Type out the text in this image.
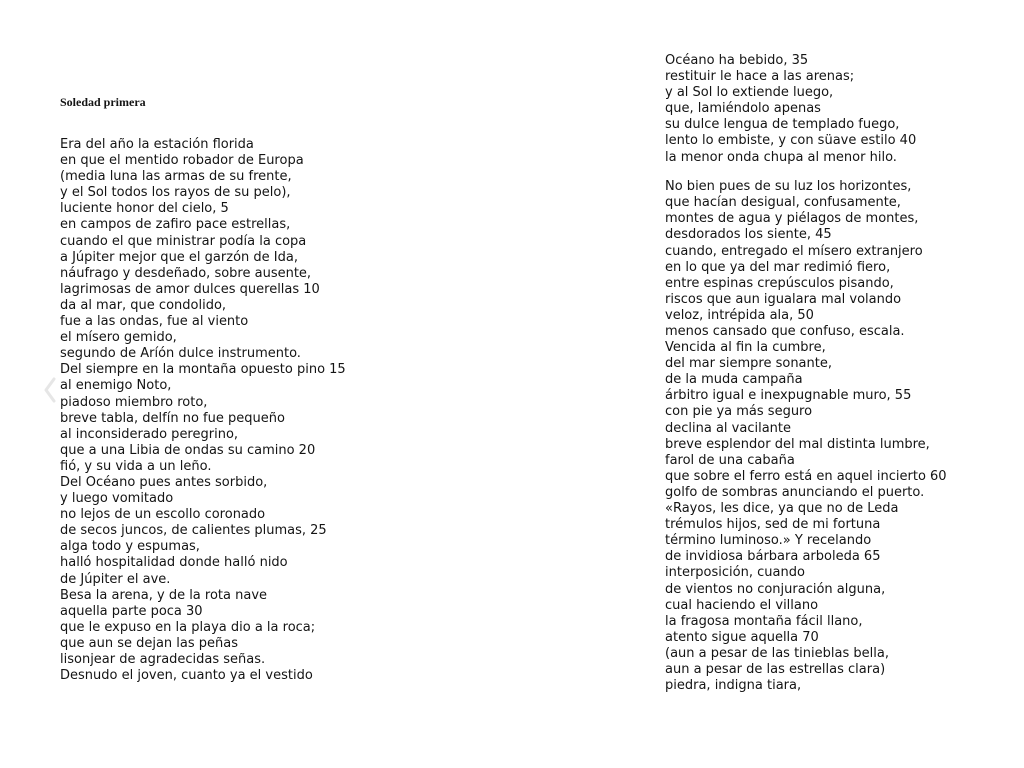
Soledad primera
Era del año la estación florida
en que el mentido robador de Europa
(media luna las armas de su frente,
y el Sol todos los rayos de su pelo),
luciente honor del cielo, 5
en campos de zafiro pace estrellas,
cuando el que ministrar podía la copa
a Júpiter mejor que el garzón de Ida,
náufrago y desdeñado, sobre ausente,
lagrimosas de amor dulces querellas 10
da al mar, que condolido,
fue a las ondas, fue al viento
el mísero gemido,
segundo de Aríón dulce instrumento.
Del siempre en la montaña opuesto pino 15
al enemigo Noto,
piadoso miembro roto,
breve tabla, delfín no fue pequeño
al inconsiderado peregrino,
que a una Libia de ondas su camino 20
fió, y su vida a un leño.
Del Océano pues antes sorbido,
y luego vomitado
no lejos de un escollo coronado
de secos juncos, de calientes plumas, 25
alga todo y espumas,
halló hospitalidad donde halló nido
de Júpiter el ave.
Besa la arena, y de la rota nave
aquella parte poca 30
que le expuso en la playa dio a la roca;
que aun se dejan las peñas
lisonjear de agradecidas señas.
Desnudo el joven, cuanto ya el vestido
Océano ha bebido, 35
restituir le hace a las arenas;
y al Sol lo extiende luego,
que, lamiéndolo apenas
su dulce lengua de templado fuego,
lento lo embiste, y con süave estilo 40
la menor onda chupa al menor hilo.
No bien pues de su luz los horizontes,
que hacían desigual, confusamente,
montes de agua y piélagos de montes,
desdorados los siente, 45
cuando, entregado el mísero extranjero
en lo que ya del mar redimió fiero,
entre espinas crepúsculos pisando,
riscos que aun igualara mal volando
veloz, intrépida ala, 50
menos cansado que confuso, escala.
Vencida al fin la cumbre,
del mar siempre sonante,
de la muda campaña
árbitro igual e inexpugnable muro, 55
con pie ya más seguro
declina al vacilante
breve esplendor del mal distinta lumbre,
farol de una cabaña
que sobre el ferro está en aquel incierto 60
golfo de sombras anunciando el puerto.
«Rayos, les dice, ya que no de Leda
trémulos hijos, sed de mi fortuna
término luminoso.» Y recelando
de invidiosa bárbara arboleda 65
interposición, cuando
de vientos no conjuración alguna,
cual haciendo el villano
la fragosa montaña fácil llano,
atento sigue aquella 70
(aun a pesar de las tinieblas bella,
aun a pesar de las estrellas clara)
piedra, indigna tiara,
